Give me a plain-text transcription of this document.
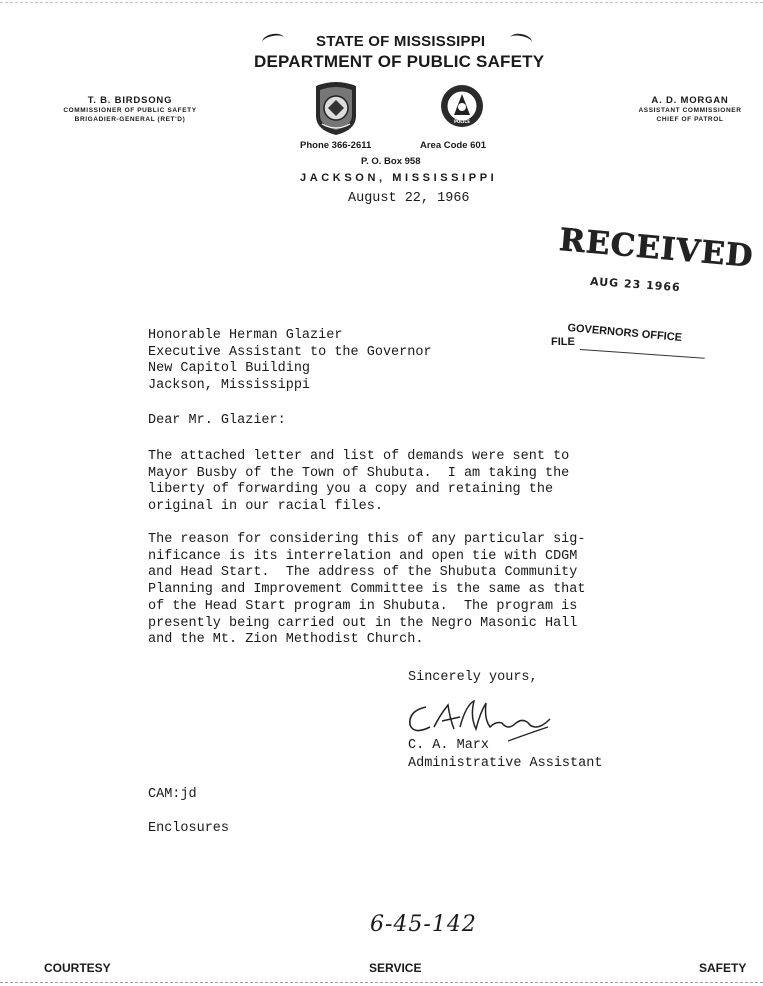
STATE OF MISSISSIPPI
DEPARTMENT OF PUBLIC SAFETY
T. B. BIRDSONG
COMMISSIONER OF PUBLIC SAFETY
BRIGADIER-GENERAL (RET'D)
A. D. MORGAN
ASSISTANT COMMISSIONER
CHIEF OF PATROL
POLICE
Phone 366-2611	Area Code 601
P. O. Box 958
JACKSON, MISSISSIPPI
August 22, 1966
RECEIVED
AUG 23 1966
GOVERNORS OFFICE
FILE
Honorable Herman Glazier
Executive Assistant to the Governor
New Capitol Building
Jackson, Mississippi
Dear Mr. Glazier:
The attached letter and list of demands were sent to
Mayor Busby of the Town of Shubuta.  I am taking the
liberty of forwarding you a copy and retaining the
original in our racial files.
The reason for considering this of any particular sig-
nificance is its interrelation and open tie with CDGM
and Head Start.  The address of the Shubuta Community
Planning and Improvement Committee is the same as that
of the Head Start program in Shubuta.  The program is
presently being carried out in the Negro Masonic Hall
and the Mt. Zion Methodist Church.
Sincerely yours,
C. A. Marx
Administrative Assistant
CAM:jd
Enclosures
6-45-142
COURTESY	SERVICE	SAFETY
